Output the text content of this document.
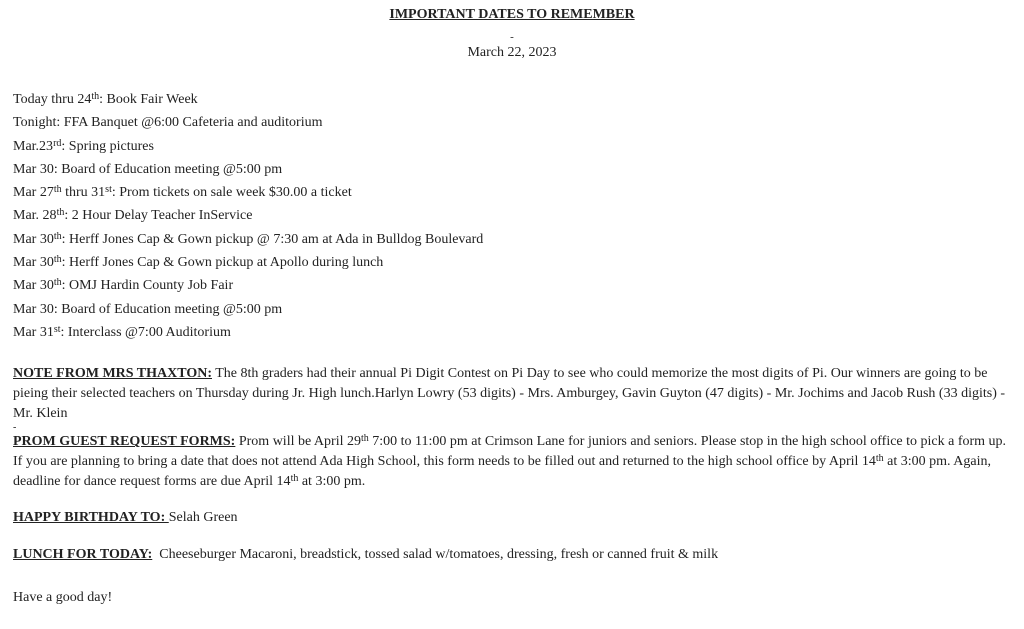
IMPORTANT DATES TO REMEMBER
-
March 22, 2023
Today thru 24th: Book Fair Week
Tonight: FFA Banquet @6:00 Cafeteria and auditorium
Mar.23rd: Spring pictures
Mar 30: Board of Education meeting @5:00 pm
Mar 27th thru 31st: Prom tickets on sale week $30.00 a ticket
Mar. 28th: 2 Hour Delay Teacher InService
Mar 30th: Herff Jones Cap & Gown pickup @ 7:30 am at Ada in Bulldog Boulevard
Mar 30th: Herff Jones Cap & Gown pickup at Apollo during lunch
Mar 30th: OMJ Hardin County Job Fair
Mar 30: Board of Education meeting @5:00 pm
Mar 31st: Interclass @7:00 Auditorium

NOTE FROM MRS THAXTON: The 8th graders had their annual Pi Digit Contest on Pi Day to see who could memorize the most digits of Pi. Our winners are going to be pieing their selected teachers on Thursday during Jr. High lunch.Harlyn Lowry (53 digits) - Mrs. Amburgey, Gavin Guyton (47 digits) - Mr. Jochims and Jacob Rush (33 digits) - Mr. Klein

-

PROM GUEST REQUEST FORMS: Prom will be April 29th 7:00 to 11:00 pm at Crimson Lane for juniors and seniors. Please stop in the high school office to pick a form up. If you are planning to bring a date that does not attend Ada High School, this form needs to be filled out and returned to the high school office by April 14th at 3:00 pm. Again, deadline for dance request forms are due April 14th at 3:00 pm.

HAPPY BIRTHDAY TO: Selah Green

LUNCH FOR TODAY:  Cheeseburger Macaroni, breadstick, tossed salad w/tomatoes, dressing, fresh or canned fruit & milk

Have a good day!
